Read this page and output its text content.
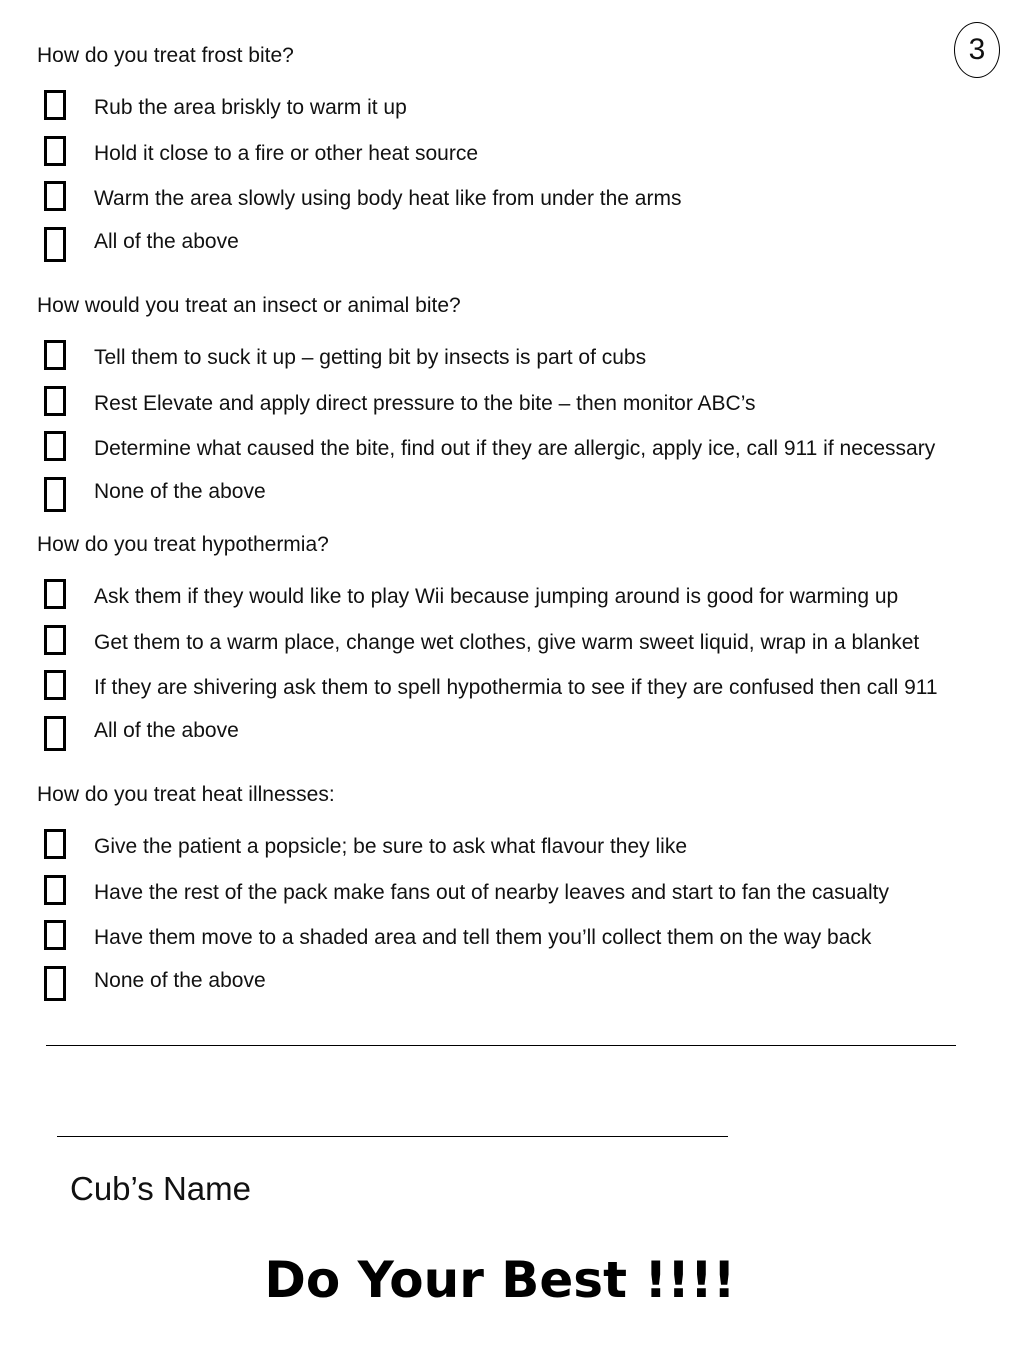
3
How do you treat frost bite?
Rub the area briskly to warm it up
Hold it close to a fire or other heat source
Warm the area slowly using body heat like from under the arms
All of the above
How would you treat an insect or animal bite?
Tell them to suck it up – getting bit by insects is part of cubs
Rest Elevate and apply direct pressure to the bite – then monitor ABC’s
Determine what caused the bite, find out if they are allergic, apply ice, call 911 if necessary
None of the above
How do you treat hypothermia?
Ask them if they would like to play Wii because jumping around is good for warming up
Get them to a warm place, change wet clothes, give warm sweet liquid, wrap in a blanket
If they are shivering ask them to spell hypothermia to see if they are confused then call 911
All of the above
How do you treat heat illnesses:
Give the patient a popsicle; be sure to ask what flavour they like
Have the rest of the pack make fans out of nearby leaves and start to fan the casualty
Have them move to a shaded area and tell them you’ll collect them on the way back
None of the above
Cub’s Name
Do Your Best !!!!
